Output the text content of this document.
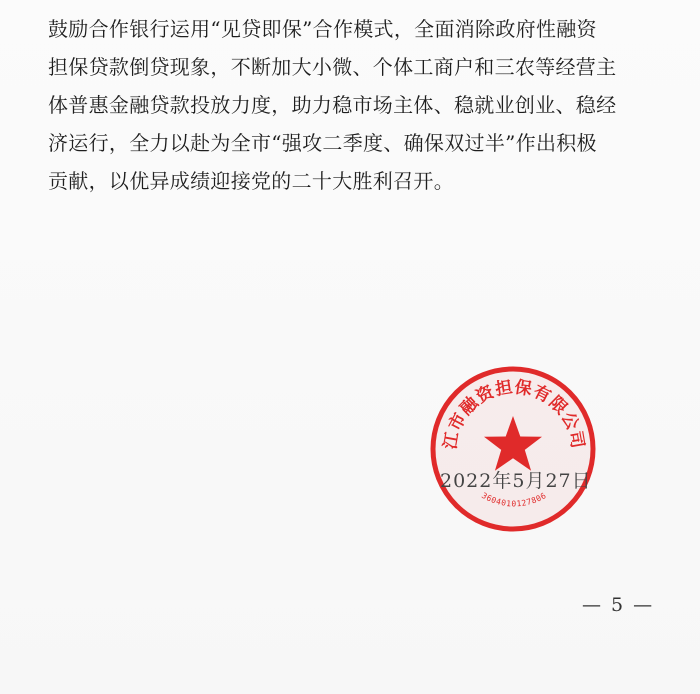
鼓励合作银行运用“见贷即保”合作模式，全面消除政府性融资
担保贷款倒贷现象，不断加大小微、个体工商户和三农等经营主
体普惠金融贷款投放力度，助力稳市场主体、稳就业创业、稳经
济运行，全力以赴为全市“强攻二季度、确保双过半”作出积极
贡献，以优异成绩迎接党的二十大胜利召开。
江市融资担保有限公司
3604010127806
2022年5月27日
— 5 —
